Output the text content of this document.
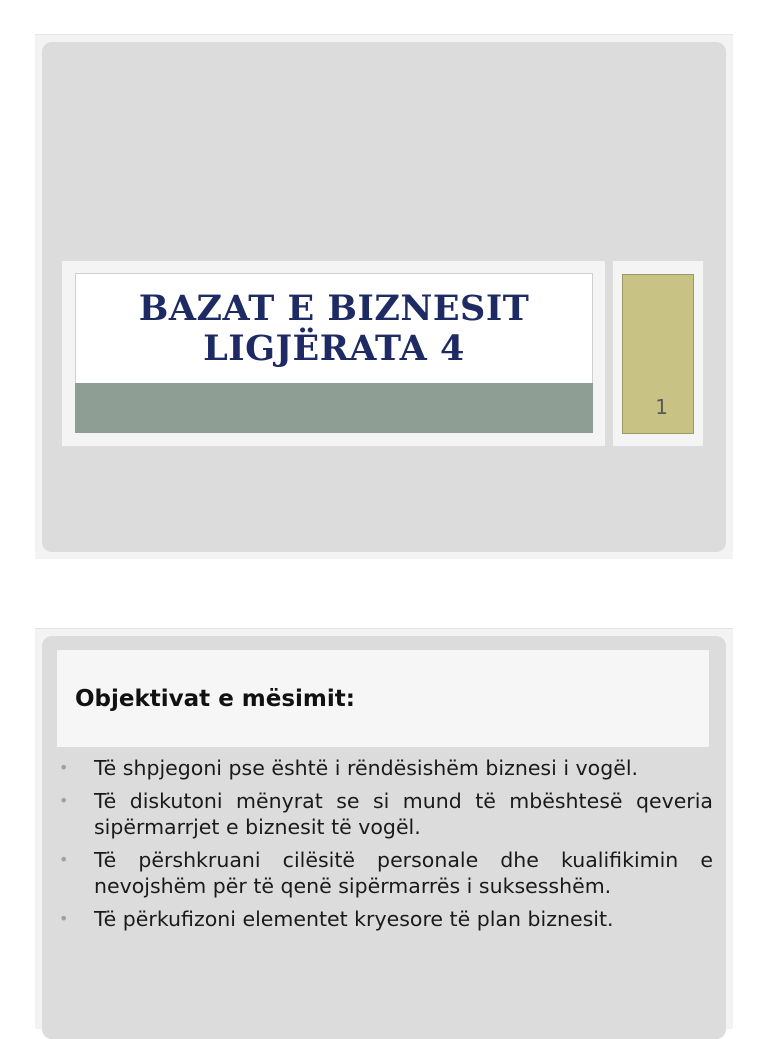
BAZAT E BIZNESIT
LIGJËRATA 4
1
Objektivat e mësimit:
• Të shpjegoni pse është i rëndësishëm biznesi i vogël.
• Të diskutoni mënyrat se si mund të mbështesë qeveria sipërmarrjet e biznesit të vogël.
• Të përshkruani cilësitë personale dhe kualifikimin e nevojshëm për të qenë sipërmarrës i suksesshëm.
• Të përkufizoni elementet kryesore të plan biznesit.
